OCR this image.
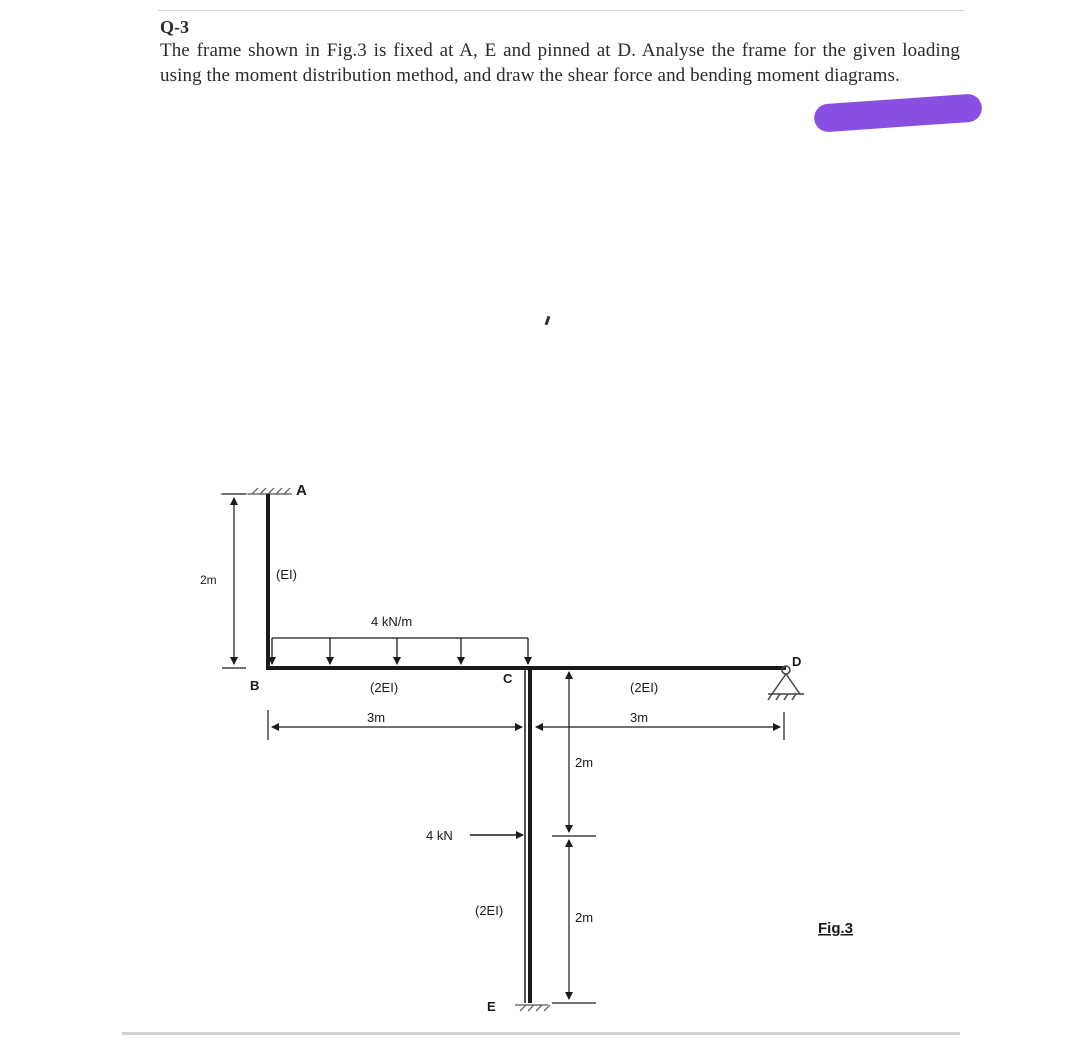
Q-3
The frame shown in Fig.3 is fixed at A, E and pinned at D. Analyse the frame for the given loading using the moment distribution method, and draw the shear force and bending moment diagrams.
A
B	C
D
E
(EI)
(2EI)	(2EI)
(2EI)
4 kN/m
4 kN
2m
3m	3m
2m
2m
Fig.3
